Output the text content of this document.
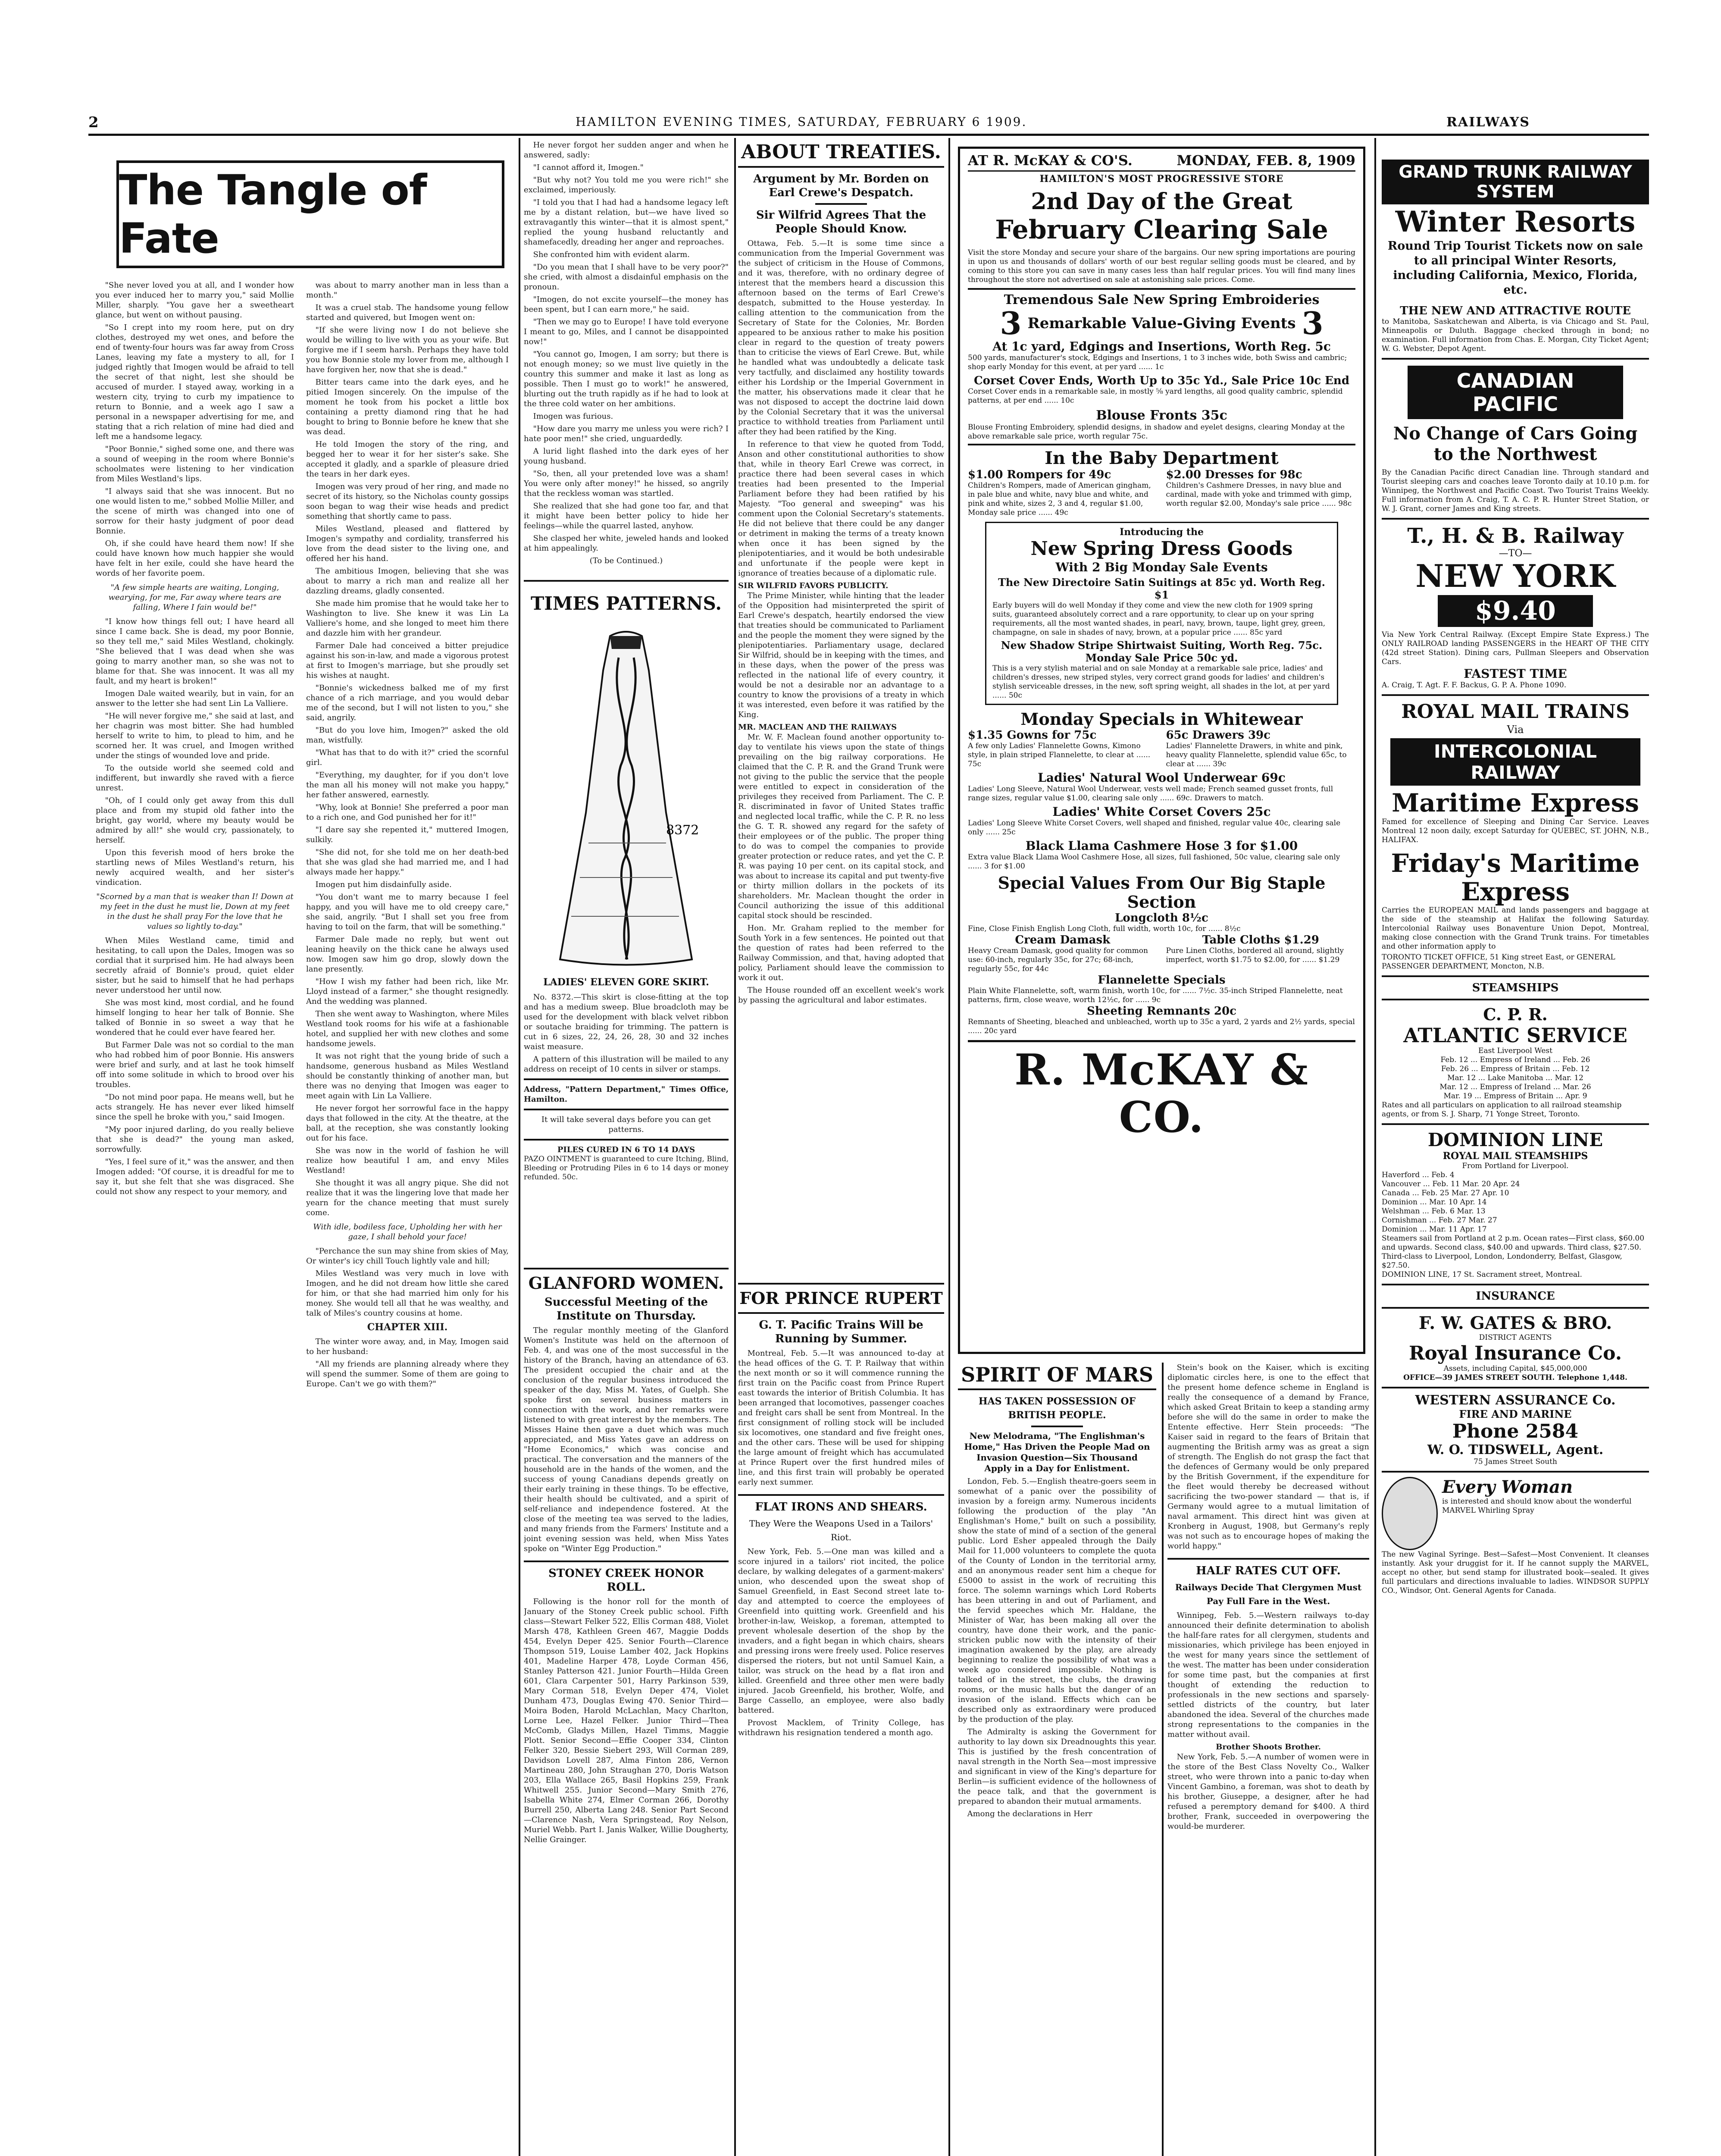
2	HAMILTON EVENING TIMES, SATURDAY, FEBRUARY 6 1909.	RAILWAYS
The Tangle of Fate

"She never loved you at all, and I wonder how you ever induced her to marry you," said Mollie Miller, sharply. "You gave her a sweetheart glance, but went on without pausing.

"So I crept into my room here, put on dry clothes, destroyed my wet ones, and before the end of twenty-four hours was far away from Cross Lanes, leaving my fate a mystery to all, for I judged rightly that Imogen would be afraid to tell the secret of that night, lest she should be accused of murder. I stayed away, working in a western city, trying to curb my impatience to return to Bonnie, and a week ago I saw a personal in a newspaper advertising for me, and stating that a rich relation of mine had died and left me a handsome legacy.

"Poor Bonnie," sighed some one, and there was a sound of weeping in the room where Bonnie's schoolmates were listening to her vindication from Miles Westland's lips.

"I always said that she was innocent. But no one would listen to me," sobbed Mollie Miller, and the scene of mirth was changed into one of sorrow for their hasty judgment of poor dead Bonnie.

Oh, if she could have heard them now! If she could have known how much happier she would have felt in her exile, could she have heard the words of her favorite poem.

"A few simple hearts are waiting, Longing, wearying, for me, Far away where tears are falling, Where I fain would be!"

"I know how things fell out; I have heard all since I came back. She is dead, my poor Bonnie, so they tell me," said Miles Westland, chokingly. "She believed that I was dead when she was going to marry another man, so she was not to blame for that. She was innocent. It was all my fault, and my heart is broken!"

Imogen Dale waited wearily, but in vain, for an answer to the letter she had sent Lin La Valliere.

"He will never forgive me," she said at last, and her chagrin was most bitter. She had humbled herself to write to him, to plead to him, and he scorned her. It was cruel, and Imogen writhed under the stings of wounded love and pride.

To the outside world she seemed cold and indifferent, but inwardly she raved with a fierce unrest.

"Oh, of I could only get away from this dull place and from my stupid old father into the bright, gay world, where my beauty would be admired by all!" she would cry, passionately, to herself.

Upon this feverish mood of hers broke the startling news of Miles Westland's return, his newly acquired wealth, and her sister's vindication.

"Scorned by a man that is weaker than I! Down at my feet in the dust he must lie, Down at my feet in the dust he shall pray For the love that he values so lightly to-day."

When Miles Westland came, timid and hesitating, to call upon the Dales, Imogen was so cordial that it surprised him. He had always been secretly afraid of Bonnie's proud, quiet elder sister, but he said to himself that he had perhaps never understood her until now.

She was most kind, most cordial, and he found himself longing to hear her talk of Bonnie. She talked of Bonnie in so sweet a way that he wondered that he could ever have feared her.

But Farmer Dale was not so cordial to the man who had robbed him of poor Bonnie. His answers were brief and surly, and at last he took himself off into some solitude in which to brood over his troubles.

"Do not mind poor papa. He means well, but he acts strangely. He has never ever liked himself since the spell he broke with you," said Imogen.

"My poor injured darling, do you really believe that she is dead?" the young man asked, sorrowfully.

"Yes, I feel sure of it," was the answer, and then Imogen added: "Of course, it is dreadful for me to say it, but she felt that she was disgraced. She could not show any respect to your memory, and

was about to marry another man in less than a month."

It was a cruel stab. The handsome young fellow started and quivered, but Imogen went on:

"If she were living now I do not believe she would be willing to live with you as your wife. But forgive me if I seem harsh. Perhaps they have told you how Bonnie stole my lover from me, although I have forgiven her, now that she is dead."

Bitter tears came into the dark eyes, and he pitied Imogen sincerely. On the impulse of the moment he took from his pocket a little box containing a pretty diamond ring that he had bought to bring to Bonnie before he knew that she was dead.

He told Imogen the story of the ring, and begged her to wear it for her sister's sake. She accepted it gladly, and a sparkle of pleasure dried the tears in her dark eyes.

Imogen was very proud of her ring, and made no secret of its history, so the Nicholas county gossips soon began to wag their wise heads and predict something that shortly came to pass.

Miles Westland, pleased and flattered by Imogen's sympathy and cordiality, transferred his love from the dead sister to the living one, and offered her his hand.

The ambitious Imogen, believing that she was about to marry a rich man and realize all her dazzling dreams, gladly consented.

She made him promise that he would take her to Washington to live. She knew it was Lin La Valliere's home, and she longed to meet him there and dazzle him with her grandeur.

Farmer Dale had conceived a bitter prejudice against his son-in-law, and made a vigorous protest at first to Imogen's marriage, but she proudly set his wishes at naught.

"Bonnie's wickedness balked me of my first chance of a rich marriage, and you would debar me of the second, but I will not listen to you," she said, angrily.

"But do you love him, Imogen?" asked the old man, wistfully.

"What has that to do with it?" cried the scornful girl.

"Everything, my daughter, for if you don't love the man all his money will not make you happy," her father answered, earnestly.

"Why, look at Bonnie! She preferred a poor man to a rich one, and God punished her for it!"

"I dare say she repented it," muttered Imogen, sulkily.

"She did not, for she told me on her death-bed that she was glad she had married me, and I had always made her happy."

Imogen put him disdainfully aside.

"You don't want me to marry because I feel happy, and you will have me to old creepy care," she said, angrily. "But I shall set you free from having to toil on the farm, that will be something."

Farmer Dale made no reply, but went out leaning heavily on the thick cane he always used now. Imogen saw him go drop, slowly down the lane presently.

"How I wish my father had been rich, like Mr. Lloyd instead of a farmer," she thought resignedly. And the wedding was planned.

Then she went away to Washington, where Miles Westland took rooms for his wife at a fashionable hotel, and supplied her with new clothes and some handsome jewels.

It was not right that the young bride of such a handsome, generous husband as Miles Westland should be constantly thinking of another man, but there was no denying that Imogen was eager to meet again with Lin La Valliere.

He never forgot her sorrowful face in the happy days that followed in the city. At the theatre, at the ball, at the reception, she was constantly looking out for his face.

She was now in the world of fashion he will realize how beautiful I am, and envy Miles Westland!

She thought it was all angry pique. She did not realize that it was the lingering love that made her yearn for the chance meeting that must surely come.

With idle, bodiless face, Upholding her with her gaze, I shall behold your face!

"Perchance the sun may shine from skies of May, Or winter's icy chill Touch lightly vale and hill;

Miles Westland was very much in love with Imogen, and he did not dream how little she cared for him, or that she had married him only for his money. She would tell all that he was wealthy, and talk of Miles's country cousins at home.

CHAPTER XIII.

The winter wore away, and, in May, Imogen said to her husband:

"All my friends are planning already where they will spend the summer. Some of them are going to Europe. Can't we go with them?"

He never forgot her sudden anger and when he answered, sadly:

"I cannot afford it, Imogen."

"But why not? You told me you were rich!" she exclaimed, imperiously.

"I told you that I had had a handsome legacy left me by a distant relation, but—we have lived so extravagantly this winter—that it is almost spent," replied the young husband reluctantly and shamefacedly, dreading her anger and reproaches.

She confronted him with evident alarm.

"Do you mean that I shall have to be very poor?" she cried, with almost a disdainful emphasis on the pronoun.

"Imogen, do not excite yourself—the money has been spent, but I can earn more," he said.

"Then we may go to Europe! I have told everyone I meant to go, Miles, and I cannot be disappointed now!"

"You cannot go, Imogen, I am sorry; but there is not enough money; so we must live quietly in the country this summer and make it last as long as possible. Then I must go to work!" he answered, blurting out the truth rapidly as if he had to look at the three cold water on her ambitions.

Imogen was furious.

"How dare you marry me unless you were rich? I hate poor men!" she cried, unguardedly.

A lurid light flashed into the dark eyes of her young husband.

"So, then, all your pretended love was a sham! You were only after money!" he hissed, so angrily that the reckless woman was startled.

She realized that she had gone too far, and that it might have been better policy to hide her feelings—while the quarrel lasted, anyhow.

She clasped her white, jeweled hands and looked at him appealingly.

(To be Continued.)
TIMES PATTERNS.
8372
LADIES' ELEVEN GORE SKIRT.

No. 8372.—This skirt is close-fitting at the top and has a medium sweep. Blue broadcloth may be used for the development with black velvet ribbon or soutache braiding for trimming. The pattern is cut in 6 sizes, 22, 24, 26, 28, 30 and 32 inches waist measure.

A pattern of this illustration will be mailed to any address on receipt of 10 cents in silver or stamps.

Address, "Pattern Department," Times Office, Hamilton.
It will take several days before you can get patterns.
PILES CURED IN 6 TO 14 DAYS
PAZO OINTMENT is guaranteed to cure Itching, Blind, Bleeding or Protruding Piles in 6 to 14 days or money refunded. 50c.
GLANFORD WOMEN.
Successful Meeting of the Institute on Thursday.

The regular monthly meeting of the Glanford Women's Institute was held on the afternoon of Feb. 4, and was one of the most successful in the history of the Branch, having an attendance of 63. The president occupied the chair and at the conclusion of the regular business introduced the speaker of the day, Miss M. Yates, of Guelph. She spoke first on several business matters in connection with the work, and her remarks were listened to with great interest by the members. The Misses Haine then gave a duet which was much appreciated, and Miss Yates gave an address on "Home Economics," which was concise and practical. The conversation and the manners of the household are in the hands of the women, and the success of young Canadians depends greatly on their early training in these things. To be effective, their health should be cultivated, and a spirit of self-reliance and independence fostered. At the close of the meeting tea was served to the ladies, and many friends from the Farmers' Institute and a joint evening session was held, when Miss Yates spoke on "Winter Egg Production."

STONEY CREEK HONOR ROLL.

Following is the honor roll for the month of January of the Stoney Creek public school. Fifth class—Stewart Felker 522, Ellis Corman 488, Violet Marsh 478, Kathleen Green 467, Maggie Dodds 454, Evelyn Deper 425. Senior Fourth—Clarence Thompson 519, Louise Lamber 402, Jack Hopkins 401, Madeline Harper 478, Loyde Corman 456, Stanley Patterson 421. Junior Fourth—Hilda Green 601, Clara Carpenter 501, Harry Parkinson 539, Mary Corman 518, Evelyn Deper 474, Violet Dunham 473, Douglas Ewing 470. Senior Third—Moira Boden, Harold McLachlan, Macy Charlton, Lorne Lee, Hazel Felker. Junior Third—Thea McComb, Gladys Millen, Hazel Timms, Maggie Plott. Senior Second—Effie Cooper 334, Clinton Felker 320, Bessie Siebert 293, Will Corman 289, Davidson Lovell 287, Alma Finton 286, Vernon Martineau 280, John Straughan 270, Doris Watson 203, Ella Wallace 265, Basil Hopkins 259, Frank Whitwell 255. Junior Second—Mary Smith 276, Isabella White 274, Elmer Corman 266, Dorothy Burrell 250, Alberta Lang 248. Senior Part Second—Clarence Nash, Vera Springstead, Roy Nelson, Muriel Webb. Part I. Janis Walker, Willie Dougherty, Nellie Grainger.

ABOUT TREATIES.
Argument by Mr. Borden on Earl Crewe's Despatch.
Sir Wilfrid Agrees That the People Should Know.

Ottawa, Feb. 5.—It is some time since a communication from the Imperial Government was the subject of criticism in the House of Commons, and it was, therefore, with no ordinary degree of interest that the members heard a discussion this afternoon based on the terms of Earl Crewe's despatch, submitted to the House yesterday. In calling attention to the communication from the Secretary of State for the Colonies, Mr. Borden appeared to be anxious rather to make his position clear in regard to the question of treaty powers than to criticise the views of Earl Crewe. But, while he handled what was undoubtedly a delicate task very tactfully, and disclaimed any hostility towards either his Lordship or the Imperial Government in the matter, his observations made it clear that he was not disposed to accept the doctrine laid down by the Colonial Secretary that it was the universal practice to withhold treaties from Parliament until after they had been ratified by the King.

In reference to that view he quoted from Todd, Anson and other constitutional authorities to show that, while in theory Earl Crewe was correct, in practice there had been several cases in which treaties had been presented to the Imperial Parliament before they had been ratified by his Majesty. "Too general and sweeping" was his comment upon the Colonial Secretary's statements. He did not believe that there could be any danger or detriment in making the terms of a treaty known when once it has been signed by the plenipotentiaries, and it would be both undesirable and unfortunate if the people were kept in ignorance of treaties because of a diplomatic rule.

SIR WILFRID FAVORS PUBLICITY.

The Prime Minister, while hinting that the leader of the Opposition had misinterpreted the spirit of Earl Crewe's despatch, heartily endorsed the view that treaties should be communicated to Parliament and the people the moment they were signed by the plenipotentiaries. Parliamentary usage, declared Sir Wilfrid, should be in keeping with the times, and in these days, when the power of the press was reflected in the national life of every country, it would be not a desirable nor an advantage to a country to know the provisions of a treaty in which it was interested, even before it was ratified by the King.

MR. MACLEAN AND THE RAILWAYS

Mr. W. F. Maclean found another opportunity to-day to ventilate his views upon the state of things prevailing on the big railway corporations. He claimed that the C. P. R. and the Grand Trunk were not giving to the public the service that the people were entitled to expect in consideration of the privileges they received from Parliament. The C. P. R. discriminated in favor of United States traffic and neglected local traffic, while the C. P. R. no less the G. T. R. showed any regard for the safety of their employees or of the public. The proper thing to do was to compel the companies to provide greater protection or reduce rates, and yet the C. P. R. was paying 10 per cent. on its capital stock, and was about to increase its capital and put twenty-five or thirty million dollars in the pockets of its shareholders. Mr. Maclean thought the order in Council authorizing the issue of this additional capital stock should be rescinded.

Hon. Mr. Graham replied to the member for South York in a few sentences. He pointed out that the question of rates had been referred to the Railway Commission, and that, having adopted that policy, Parliament should leave the commission to work it out.

The House rounded off an excellent week's work by passing the agricultural and labor estimates.

FOR PRINCE RUPERT
G. T. Pacific Trains Will be Running by Summer.

Montreal, Feb. 5.—It was announced to-day at the head offices of the G. T. P. Railway that within the next month or so it will commence running the first train on the Pacific coast from Prince Rupert east towards the interior of British Columbia. It has been arranged that locomotives, passenger coaches and freight cars shall be sent from Montreal. In the first consignment of rolling stock will be included six locomotives, one standard and five freight ones, and the other cars. These will be used for shipping the large amount of freight which has accumulated at Prince Rupert over the first hundred miles of line, and this first train will probably be operated early next summer.

FLAT IRONS AND SHEARS.
They Were the Weapons Used in a Tailors' Riot.

New York, Feb. 5.—One man was killed and a score injured in a tailors' riot incited, the police declare, by walking delegates of a garment-makers' union, who descended upon the sweat shop of Samuel Greenfield, in East Second street late to-day and attempted to coerce the employees of Greenfield into quitting work. Greenfield and his brother-in-law, Weiskop, a foreman, attempted to prevent wholesale desertion of the shop by the invaders, and a fight began in which chairs, shears and pressing irons were freely used. Police reserves dispersed the rioters, but not until Samuel Kain, a tailor, was struck on the head by a flat iron and killed. Greenfield and three other men were badly injured. Jacob Greenfield, his brother, Wolfe, and Barge Cassello, an employee, were also badly battered.

Provost Macklem, of Trinity College, has withdrawn his resignation tendered a month ago.

AT R. McKAY & CO'S.	MONDAY, FEB. 8, 1909
HAMILTON'S MOST PROGRESSIVE STORE
2nd Day of the Great
February Clearing Sale
Visit the store Monday and secure your share of the bargains. Our new spring importations are pouring in upon us and thousands of dollars' worth of our best regular selling goods must be cleared, and by coming to this store you can save in many cases less than half regular prices. You will find many lines throughout the store not advertised on sale at astonishing sale prices. Come.
Tremendous Sale New Spring Embroideries
3 Remarkable Value-Giving Events 3
At 1c yard, Edgings and Insertions, Worth Reg. 5c
500 yards, manufacturer's stock, Edgings and Insertions, 1 to 3 inches wide, both Swiss and cambric; shop early Monday for this event, at per yard ...... 1c
Corset Cover Ends, Worth Up to 35c Yd., Sale Price 10c End
Corset Cover ends in a remarkable sale, in mostly ⅝ yard lengths, all good quality cambric, splendid patterns, at per end ...... 10c
Blouse Fronts 35c
Blouse Fronting Embroidery, splendid designs, in shadow and eyelet designs, clearing Monday at the above remarkable sale price, worth regular 75c.
In the Baby Department
$1.00 Rompers for 49c
Children's Rompers, made of American gingham, in pale blue and white, navy blue and white, and pink and white, sizes 2, 3 and 4, regular $1.00, Monday sale price ...... 49c
$2.00 Dresses for 98c
Children's Cashmere Dresses, in navy blue and cardinal, made with yoke and trimmed with gimp, worth regular $2.00, Monday's sale price ...... 98c
Introducing the
New Spring Dress Goods
With 2 Big Monday Sale Events
The New Directoire Satin Suitings at 85c yd. Worth Reg. $1
Early buyers will do well Monday if they come and view the new cloth for 1909 spring suits, guaranteed absolutely correct and a rare opportunity, to clear up on your spring requirements, all the most wanted shades, in pearl, navy, brown, taupe, light grey, green, champagne, on sale in shades of navy, brown, at a popular price ...... 85c yard
New Shadow Stripe Shirtwaist Suiting, Worth Reg. 75c. Monday Sale Price 50c yd.
This is a very stylish material and on sale Monday at a remarkable sale price, ladies' and children's dresses, new striped styles, very correct grand goods for ladies' and children's stylish serviceable dresses, in the new, soft spring weight, all shades in the lot, at per yard ...... 50c
Monday Specials in Whitewear
$1.35 Gowns for 75c
A few only Ladies' Flannelette Gowns, Kimono style, in plain striped Flannelette, to clear at ...... 75c
65c Drawers 39c
Ladies' Flannelette Drawers, in white and pink, heavy quality Flannelette, splendid value 65c, to clear at ...... 39c
Ladies' Natural Wool Underwear 69c
Ladies' Long Sleeve, Natural Wool Underwear, vests well made; French seamed gusset fronts, full range sizes, regular value $1.00, clearing sale only ...... 69c. Drawers to match.
Ladies' White Corset Covers 25c
Ladies' Long Sleeve White Corset Covers, well shaped and finished, regular value 40c, clearing sale only ...... 25c
Black Llama Cashmere Hose 3 for $1.00
Extra value Black Llama Wool Cashmere Hose, all sizes, full fashioned, 50c value, clearing sale only ...... 3 for $1.00
Special Values From Our Big Staple Section
Longcloth 8½c
Fine, Close Finish English Long Cloth, full width, worth 10c, for ...... 8½c
Cream Damask
Heavy Cream Damask, good quality for common use: 60-inch, regularly 35c, for 27c; 68-inch, regularly 55c, for 44c
Table Cloths $1.29
Pure Linen Cloths, bordered all around, slightly imperfect, worth $1.75 to $2.00, for ...... $1.29
Flannelette Specials
Plain White Flannelette, soft, warm finish, worth 10c, for ...... 7½c. 35-inch Striped Flannelette, neat patterns, firm, close weave, worth 12½c, for ...... 9c
Sheeting Remnants 20c
Remnants of Sheeting, bleached and unbleached, worth up to 35c a yard, 2 yards and 2½ yards, special ...... 20c yard
R. McKAY & CO.
SPIRIT OF MARS
HAS TAKEN POSSESSION OF BRITISH PEOPLE.
New Melodrama, "The Englishman's Home," Has Driven the People Mad on Invasion Question—Six Thousand Apply in a Day for Enlistment.

London, Feb. 5.—English theatre-goers seem in somewhat of a panic over the possibility of invasion by a foreign army. Numerous incidents following the production of the play "An Englishman's Home," built on such a possibility, show the state of mind of a section of the general public. Lord Esher appealed through the Daily Mail for 11,000 volunteers to complete the quota of the County of London in the territorial army, and an anonymous reader sent him a cheque for £5000 to assist in the work of recruiting this force. The solemn warnings which Lord Roberts has been uttering in and out of Parliament, and the fervid speeches which Mr. Haldane, the Minister of War, has been making all over the country, have done their work, and the panic-stricken public now with the intensity of their imagination awakened by the play, are already beginning to realize the possibility of what was a week ago considered impossible. Nothing is talked of in the street, the clubs, the drawing rooms, or the music halls but the danger of an invasion of the island. Effects which can be described only as extraordinary were produced by the production of the play.

The Admiralty is asking the Government for authority to lay down six Dreadnoughts this year. This is justified by the fresh concentration of naval strength in the North Sea—most impressive and significant in view of the King's departure for Berlin—is sufficient evidence of the hollowness of the peace talk, and that the government is prepared to abandon their mutual armaments.

Among the declarations in Herr

Stein's book on the Kaiser, which is exciting diplomatic circles here, is one to the effect that the present home defence scheme in England is really the consequence of a demand by France, which asked Great Britain to keep a standing army before she will do the same in order to make the Entente effective. Herr Stein proceeds: "The Kaiser said in regard to the fears of Britain that augmenting the British army was as great a sign of strength. The English do not grasp the fact that the defences of Germany would be only prepared by the British Government, if the expenditure for the fleet would thereby be decreased without sacrificing the two-power standard — that is, if Germany would agree to a mutual limitation of naval armament. This direct hint was given at Kronberg in August, 1908, but Germany's reply was not such as to encourage hopes of making the world happy."

HALF RATES CUT OFF.
Railways Decide That Clergymen Must Pay Full Fare in the West.

Winnipeg, Feb. 5.—Western railways to-day announced their definite determination to abolish the half-fare rates for all clergymen, students and missionaries, which privilege has been enjoyed in the west for many years since the settlement of the west. The matter has been under consideration for some time past, but the companies at first thought of extending the reduction to professionals in the new sections and sparsely-settled districts of the country, but later abandoned the idea. Several of the churches made strong representations to the companies in the matter without avail.

Brother Shoots Brother.

New York, Feb. 5.—A number of women were in the store of the Best Class Novelty Co., Walker street, who were thrown into a panic to-day when Vincent Gambino, a foreman, was shot to death by his brother, Giuseppe, a designer, after he had refused a peremptory demand for $400. A third brother, Frank, succeeded in overpowering the would-be murderer.

GRAND TRUNK RAILWAY SYSTEM
Winter Resorts
Round Trip Tourist Tickets now on sale to all principal Winter Resorts, including California, Mexico, Florida, etc.
THE NEW AND ATTRACTIVE ROUTE
to Manitoba, Saskatchewan and Alberta, is via Chicago and St. Paul, Minneapolis or Duluth. Baggage checked through in bond; no examination. Full information from Chas. E. Morgan, City Ticket Agent; W. G. Webster, Depot Agent.
CANADIAN PACIFIC
No Change of Cars Going to the Northwest
By the Canadian Pacific direct Canadian line. Through standard and Tourist sleeping cars and coaches leave Toronto daily at 10.10 p.m. for Winnipeg, the Northwest and Pacific Coast. Two Tourist Trains Weekly. Full information from A. Craig, T. A. C. P. R. Hunter Street Station, or W. J. Grant, corner James and King streets.
T., H. & B. Railway
—TO—
NEW YORK
$9.40
Via New York Central Railway. (Except Empire State Express.) The ONLY RAILROAD landing PASSENGERS in the HEART OF THE CITY (42d street Station). Dining cars, Pullman Sleepers and Observation Cars.
FASTEST TIME
A. Craig, T. Agt. F. F. Backus, G. P. A. Phone 1090.
ROYAL MAIL TRAINS
Via
INTERCOLONIAL RAILWAY
Maritime Express
Famed for excellence of Sleeping and Dining Car Service. Leaves Montreal 12 noon daily, except Saturday for QUEBEC, ST. JOHN, N.B., HALIFAX.
Friday's Maritime Express
Carries the EUROPEAN MAIL and lands passengers and baggage at the side of the steamship at Halifax the following Saturday. Intercolonial Railway uses Bonaventure Union Depot, Montreal, making close connection with the Grand Trunk trains. For timetables and other information apply to
TORONTO TICKET OFFICE, 51 King street East, or GENERAL PASSENGER DEPARTMENT, Moncton, N.B.
STEAMSHIPS
C. P. R.
ATLANTIC SERVICE
East Liverpool West
Feb. 12 ... Empress of Ireland ... Feb. 26
Feb. 26 ... Empress of Britain ... Feb. 12
Mar. 12 ... Lake Manitoba ... Mar. 12
Mar. 12 ... Empress of Ireland ... Mar. 26
Mar. 19 ... Empress of Britain ... Apr. 9
Rates and all particulars on application to all railroad steamship agents, or from S. J. Sharp, 71 Yonge Street, Toronto.
DOMINION LINE
ROYAL MAIL STEAMSHIPS
From Portland for Liverpool.
Haverford ... Feb. 4
Vancouver ... Feb. 11 Mar. 20 Apr. 24
Canada ... Feb. 25 Mar. 27 Apr. 10
Dominion ... Mar. 10 Apr. 14
Welshman ... Feb. 6 Mar. 13
Cornishman ... Feb. 27 Mar. 27
Dominion ... Mar. 11 Apr. 17
Steamers sail from Portland at 2 p.m. Ocean rates—First class, $60.00 and upwards. Second class, $40.00 and upwards. Third class, $27.50.
Third-class to Liverpool, London, Londonderry, Belfast, Glasgow, $27.50.
DOMINION LINE, 17 St. Sacrament street, Montreal.
INSURANCE
F. W. GATES & BRO.
DISTRICT AGENTS
Royal Insurance Co.
Assets, including Capital, $45,000,000
OFFICE—39 JAMES STREET SOUTH. Telephone 1,448.
WESTERN ASSURANCE Co.
FIRE AND MARINE
Phone 2584
W. O. TIDSWELL, Agent.
75 James Street South
Every Woman
is interested and should know about the wonderful MARVEL Whirling Spray
The new Vaginal Syringe. Best—Safest—Most Convenient. It cleanses instantly. Ask your druggist for it. If he cannot supply the MARVEL, accept no other, but send stamp for illustrated book—sealed. It gives full particulars and directions invaluable to ladies. WINDSOR SUPPLY CO., Windsor, Ont. General Agents for Canada.
